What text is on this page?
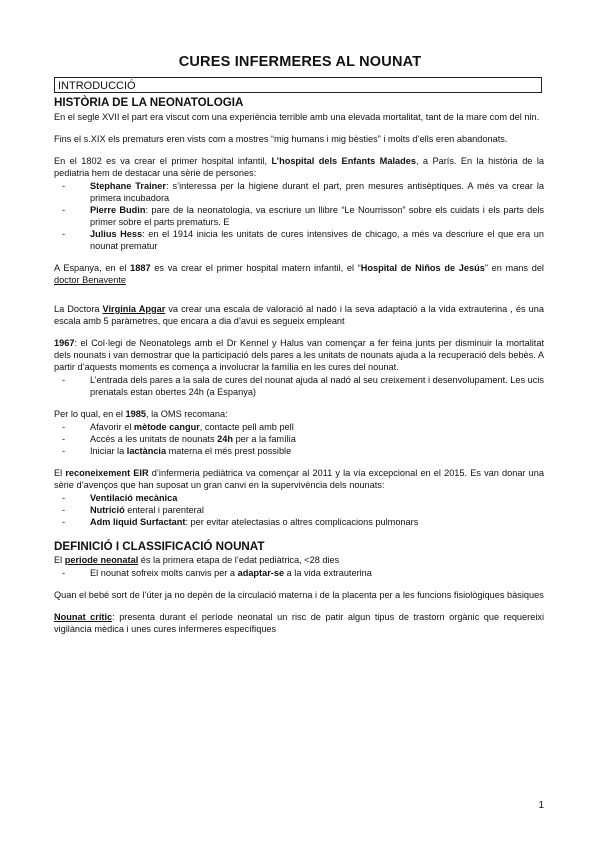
CURES INFERMERES AL NOUNAT
INTRODUCCIÓ
HISTÒRIA DE LA NEONATOLOGIA

En el segle XVII el part era viscut com una experiència terrible amb una elevada mortalitat, tant de la mare com del nin.

Fins el s.XIX els prematurs eren vists com a mostres “mig humans i mig bèsties” i molts d’ells eren abandonats.

En el 1802 es va crear el primer hospital infantil, L’hospital dels Enfants Malades, a París. En la història de la pediatria hem de destacar una sèrie de persones:

- Stephane Trainer: s’interessa per la higiene durant el part, pren mesures antisèptiques. A més va crear la primera incubadora
- Pierre Budin: pare de la neonatologia, va escriure un llibre “Le Nourrisson” sobre els cuidats i els parts dels primer sobre el parts prematurs. E
- Julius Hess: en el 1914 inicia les unitats de cures intensives de chicago, a més va descriure el que era un nounat prematur

A Espanya, en el 1887 es va crear el primer hospital matern infantil, el “Hospital de Niños de Jesús” en mans del doctor Benavente

La Doctora Virginia Apgar va crear una escala de valoració al nadó i la seva adaptació a la vida extrauterina , és una escala amb 5 paràmetres, que encara a dia d’avui es segueix empleant

1967: el Col·legi de Neonatolegs amb el Dr Kennel y Halus van començar a fer feina junts per disminuir la mortalitat dels nounats i van demostrar que la participació dels pares a les unitats de nounats ajuda a la recuperació dels bebès. A partir d’aquests moments es comença a involucrar la família en les cures del nounat.

- L’entrada dels pares a la sala de cures del nounat ajuda al nadó al seu creixement i desenvolupament. Les ucis prenatals estan obertes 24h (a Espanya)

Per lo qual, en el 1985, la OMS recomana:

- Afavorir el mètode cangur, contacte pell amb pell
- Accés a les unitats de nounats 24h per a la família
- Iniciar la lactància materna el més prest possible

El reconeixement EIR d’infermeria pediàtrica va començar al 2011 y la vía excepcional en el 2015. Es van donar una sèrie d’avenços que han suposat un gran canvi en la supervivència dels nounats:

- Ventilació mecànica
- Nutrició enteral i parenteral
- Adm liquid Surfactant: per evitar atelectasias o altres complicacions pulmonars
DEFINICIÓ I CLASSIFICACIÓ NOUNAT

El periode neonatal és la primera etapa de l’edat pediàtrica, <28 dies

- El nounat sofreix molts canvis per a adaptar-se a la vida extrauterina

Quan el bebé sort de l’úter ja no depèn de la circulació materna i de la placenta per a les funcions fisiològiques bàsiques

Nounat crític: presenta durant el període neonatal un risc de patir algun tipus de trastorn orgànic que requereixi vigilància mèdica i unes cures infermeres específiques

1
